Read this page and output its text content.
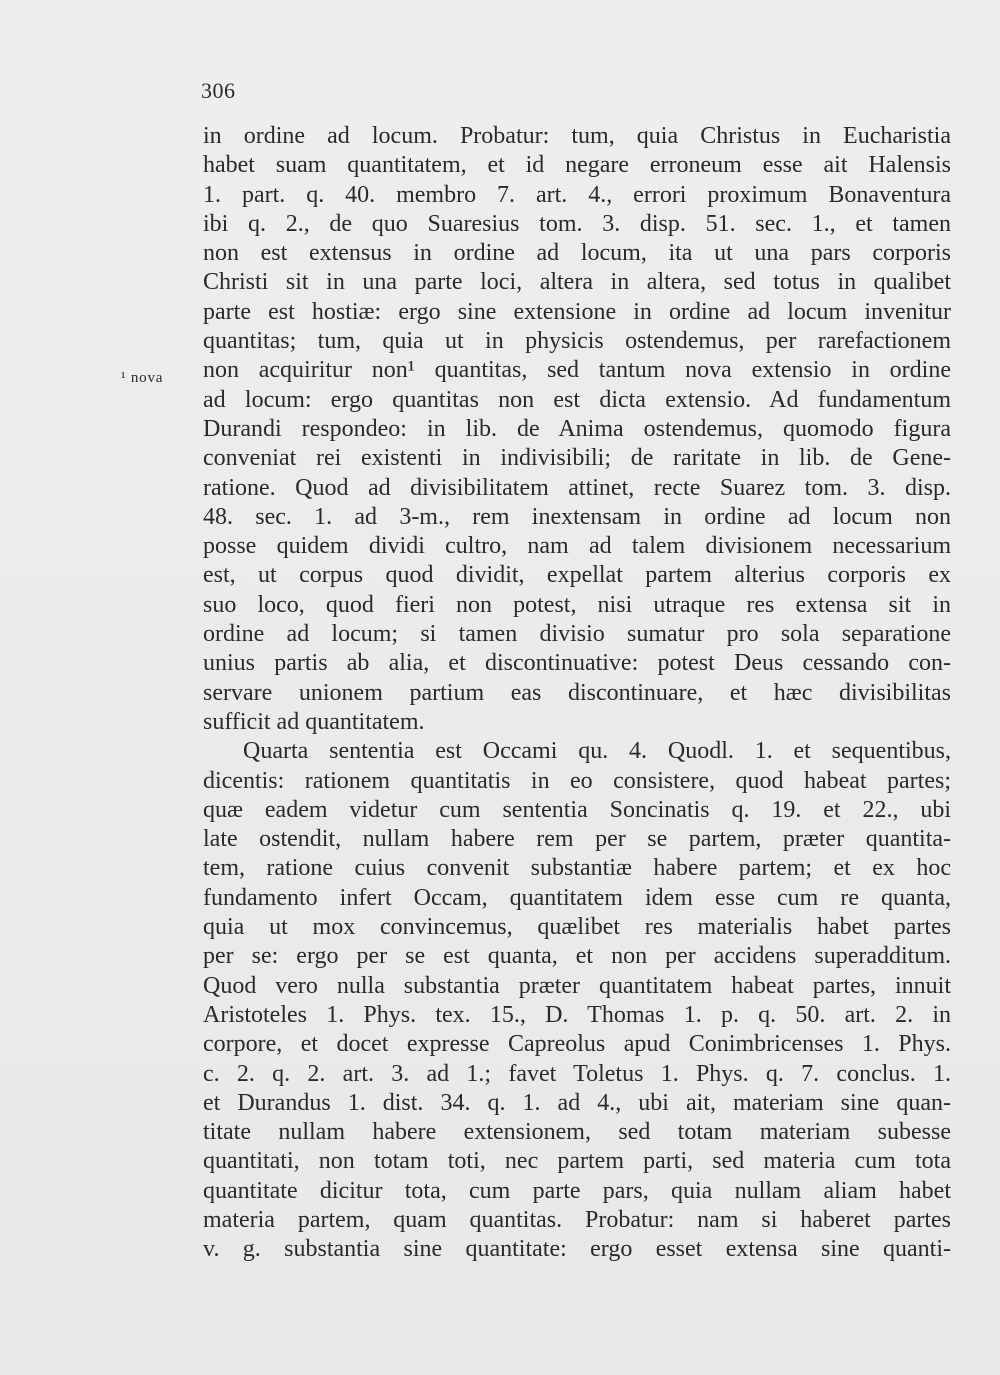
306
¹ nova
in ordine ad locum. Probatur: tum, quia Christus in Eucharistia
habet suam quantitatem, et id negare erroneum esse ait Halensis
1. part. q. 40. membro 7. art. 4., errori proximum Bonaventura
ibi q. 2., de quo Suaresius tom. 3. disp. 51. sec. 1., et tamen
non est extensus in ordine ad locum, ita ut una pars corporis
Christi sit in una parte loci, altera in altera, sed totus in qualibet
parte est hostiæ: ergo sine extensione in ordine ad locum invenitur
quantitas; tum, quia ut in physicis ostendemus, per rarefactionem
non acquiritur non¹ quantitas, sed tantum nova extensio in ordine
ad locum: ergo quantitas non est dicta extensio. Ad fundamentum
Durandi respondeo: in lib. de Anima ostendemus, quomodo figura
conveniat rei existenti in indivisibili; de raritate in lib. de Gene-
ratione. Quod ad divisibilitatem attinet, recte Suarez tom. 3. disp.
48. sec. 1. ad 3-m., rem inextensam in ordine ad locum non
posse quidem dividi cultro, nam ad talem divisionem necessarium
est, ut corpus quod dividit, expellat partem alterius corporis ex
suo loco, quod fieri non potest, nisi utraque res extensa sit in
ordine ad locum; si tamen divisio sumatur pro sola separatione
unius partis ab alia, et discontinuative: potest Deus cessando con-
servare unionem partium eas discontinuare, et hæc divisibilitas
sufficit ad quantitatem.
Quarta sententia est Occami qu. 4. Quodl. 1. et sequentibus,
dicentis: rationem quantitatis in eo consistere, quod habeat partes;
quæ eadem videtur cum sententia Soncinatis q. 19. et 22., ubi
late ostendit, nullam habere rem per se partem, præter quantita-
tem, ratione cuius convenit substantiæ habere partem; et ex hoc
fundamento infert Occam, quantitatem idem esse cum re quanta,
quia ut mox convincemus, quælibet res materialis habet partes
per se: ergo per se est quanta, et non per accidens superadditum.
Quod vero nulla substantia præter quantitatem habeat partes, innuit
Aristoteles 1. Phys. tex. 15., D. Thomas 1. p. q. 50. art. 2. in
corpore, et docet expresse Capreolus apud Conimbricenses 1. Phys.
c. 2. q. 2. art. 3. ad 1.; favet Toletus 1. Phys. q. 7. conclus. 1.
et Durandus 1. dist. 34. q. 1. ad 4., ubi ait, materiam sine quan-
titate nullam habere extensionem, sed totam materiam subesse
quantitati, non totam toti, nec partem parti, sed materia cum tota
quantitate dicitur tota, cum parte pars, quia nullam aliam habet
materia partem, quam quantitas. Probatur: nam si haberet partes
v. g. substantia sine quantitate: ergo esset extensa sine quanti-
